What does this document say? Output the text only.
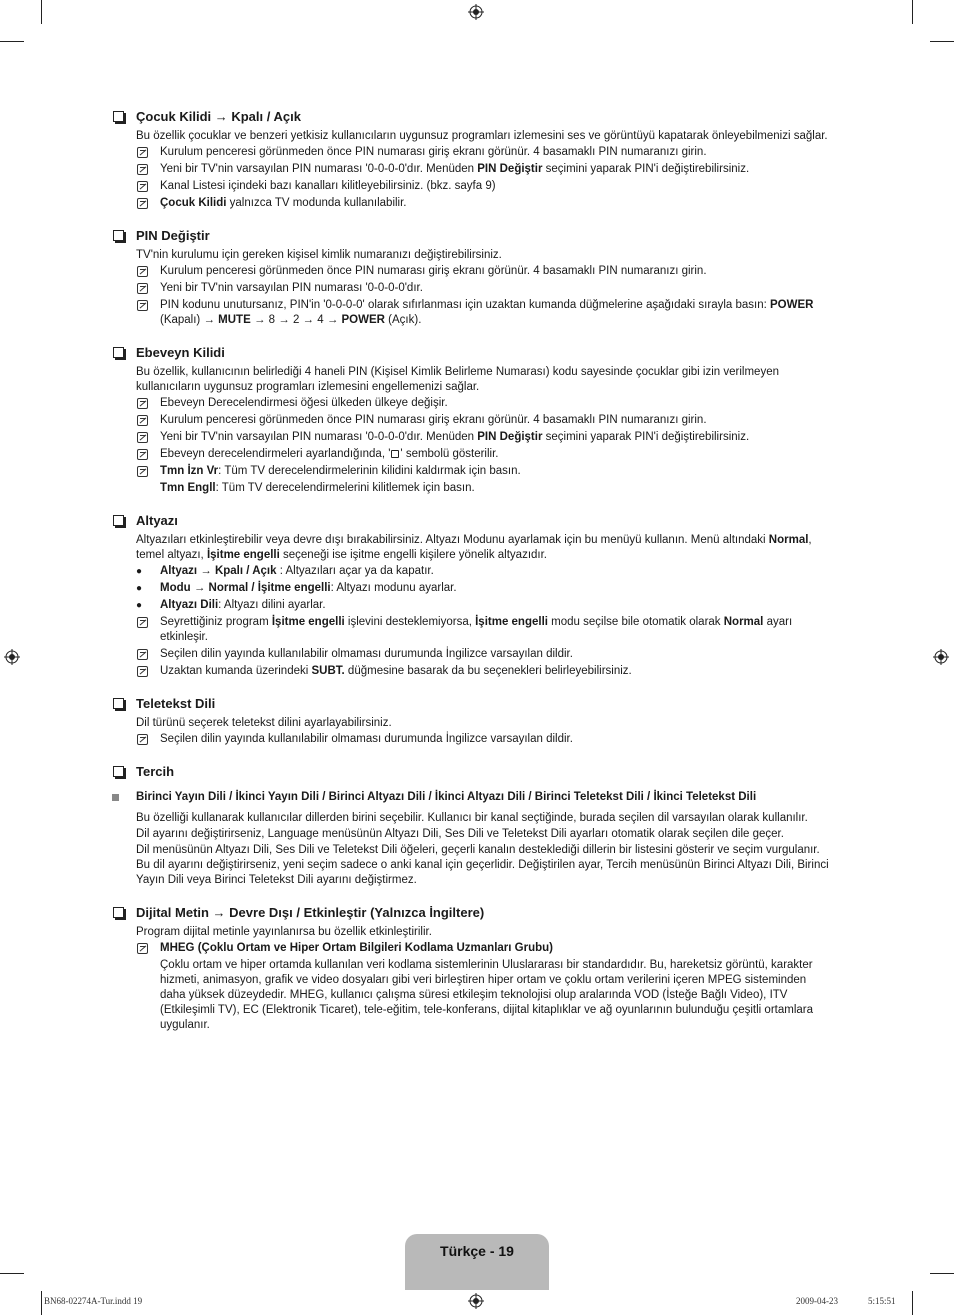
Çocuk Kilidi → Kpalı / Açık
Bu özellik çocuklar ve benzeri yetkisiz kullanıcıların uygunsuz programları izlemesini ses ve görüntüyü kapatarak önleyebilmenizi sağlar.
Kurulum penceresi görünmeden önce PIN numarası giriş ekranı görünür. 4 basamaklı PIN numaranızı girin.
Yeni bir TV'nin varsayılan PIN numarası '0-0-0-0'dır. Menüden PIN Değiştir seçimini yaparak PIN'i değiştirebilirsiniz.
Kanal Listesi içindeki bazı kanalları kilitleyebilirsiniz. (bkz. sayfa 9)
Çocuk Kilidi yalnızca TV modunda kullanılabilir.
PIN Değiştir
TV'nin kurulumu için gereken kişisel kimlik numaranızı değiştirebilirsiniz.
Kurulum penceresi görünmeden önce PIN numarası giriş ekranı görünür. 4 basamaklı PIN numaranızı girin.
Yeni bir TV'nin varsayılan PIN numarası '0-0-0-0'dır.
PIN kodunu unutursanız, PIN'in '0-0-0-0' olarak sıfırlanması için uzaktan kumanda düğmelerine aşağıdaki sırayla basın: POWER (Kapalı) → MUTE → 8 → 2 → 4 → POWER (Açık).
Ebeveyn Kilidi
Bu özellik, kullanıcının belirlediği 4 haneli PIN (Kişisel Kimlik Belirleme Numarası) kodu sayesinde çocuklar gibi izin verilmeyen kullanıcıların uygunsuz programları izlemesini engellemenizi sağlar.
Ebeveyn Derecelendirmesi öğesi ülkeden ülkeye değişir.
Kurulum penceresi görünmeden önce PIN numarası giriş ekranı görünür. 4 basamaklı PIN numaranızı girin.
Yeni bir TV'nin varsayılan PIN numarası '0-0-0-0'dır. Menüden PIN Değiştir seçimini yaparak PIN'i değiştirebilirsiniz.
Ebeveyn derecelendirmeleri ayarlandığında, ' ' sembolü gösterilir.
Tmn İzn Vr: Tüm TV derecelendirmelerinin kilidini kaldırmak için basın.
Tmn Engll: Tüm TV derecelendirmelerini kilitlemek için basın.
Altyazı
Altyazıları etkinleştirebilir veya devre dışı bırakabilirsiniz. Altyazı Modunu ayarlamak için bu menüyü kullanın. Menü altındaki Normal, temel altyazı, İşitme engelli seçeneği ise işitme engelli kişilere yönelik altyazıdır.
●	Altyazı → Kpalı / Açık : Altyazıları açar ya da kapatır.
●	Modu → Normal / İşitme engelli: Altyazı modunu ayarlar.
●	Altyazı Dili: Altyazı dilini ayarlar.
Seyrettiğiniz program İşitme engelli işlevini desteklemiyorsa, İşitme engelli modu seçilse bile otomatik olarak Normal ayarı etkinleşir.
Seçilen dilin yayında kullanılabilir olmaması durumunda İngilizce varsayılan dildir.
Uzaktan kumanda üzerindeki SUBT. düğmesine basarak da bu seçenekleri belirleyebilirsiniz.
Teletekst Dili
Dil türünü seçerek teletekst dilini ayarlayabilirsiniz.
Seçilen dilin yayında kullanılabilir olmaması durumunda İngilizce varsayılan dildir.
Tercih
Birinci Yayın Dili / İkinci Yayın Dili / Birinci Altyazı Dili / İkinci Altyazı Dili / Birinci Teletekst Dili / İkinci Teletekst Dili
Bu özelliği kullanarak kullanıcılar dillerden birini seçebilir. Kullanıcı bir kanal seçtiğinde, burada seçilen dil varsayılan olarak kullanılır.
Dil ayarını değiştirirseniz, Language menüsünün Altyazı Dili, Ses Dili ve Teletekst Dili ayarları otomatik olarak seçilen dile geçer.
Dil menüsünün Altyazı Dili, Ses Dili ve Teletekst Dili öğeleri, geçerli kanalın desteklediği dillerin bir listesini gösterir ve seçim vurgulanır. Bu dil ayarını değiştirirseniz, yeni seçim sadece o anki kanal için geçerlidir. Değiştirilen ayar, Tercih menüsünün Birinci Altyazı Dili, Birinci Yayın Dili veya Birinci Teletekst Dili ayarını değiştirmez.
Dijital Metin → Devre Dışı / Etkinleştir (Yalnızca İngiltere)
Program dijital metinle yayınlanırsa bu özellik etkinleştirilir.
MHEG (Çoklu Ortam ve Hiper Ortam Bilgileri Kodlama Uzmanları Grubu)
Çoklu ortam ve hiper ortamda kullanılan veri kodlama sistemlerinin Uluslararası bir standardıdır. Bu, hareketsiz görüntü, karakter hizmeti, animasyon, grafik ve video dosyaları gibi veri birleştiren hiper ortam ve çoklu ortam verilerini içeren MPEG sisteminden daha yüksek düzeydedir. MHEG, kullanıcı çalışma süresi etkileşim teknolojisi olup aralarında VOD (İsteğe Bağlı Video), ITV (Etkileşimli TV), EC (Elektronik Ticaret), tele-eğitim, tele-konferans, dijital kitaplıklar ve ağ oyunlarının bulunduğu çeşitli ortamlara uygulanır.
Türkçe - 19
BN68-02274A-Tur.indd 19	2009-04-23	5:15:51
